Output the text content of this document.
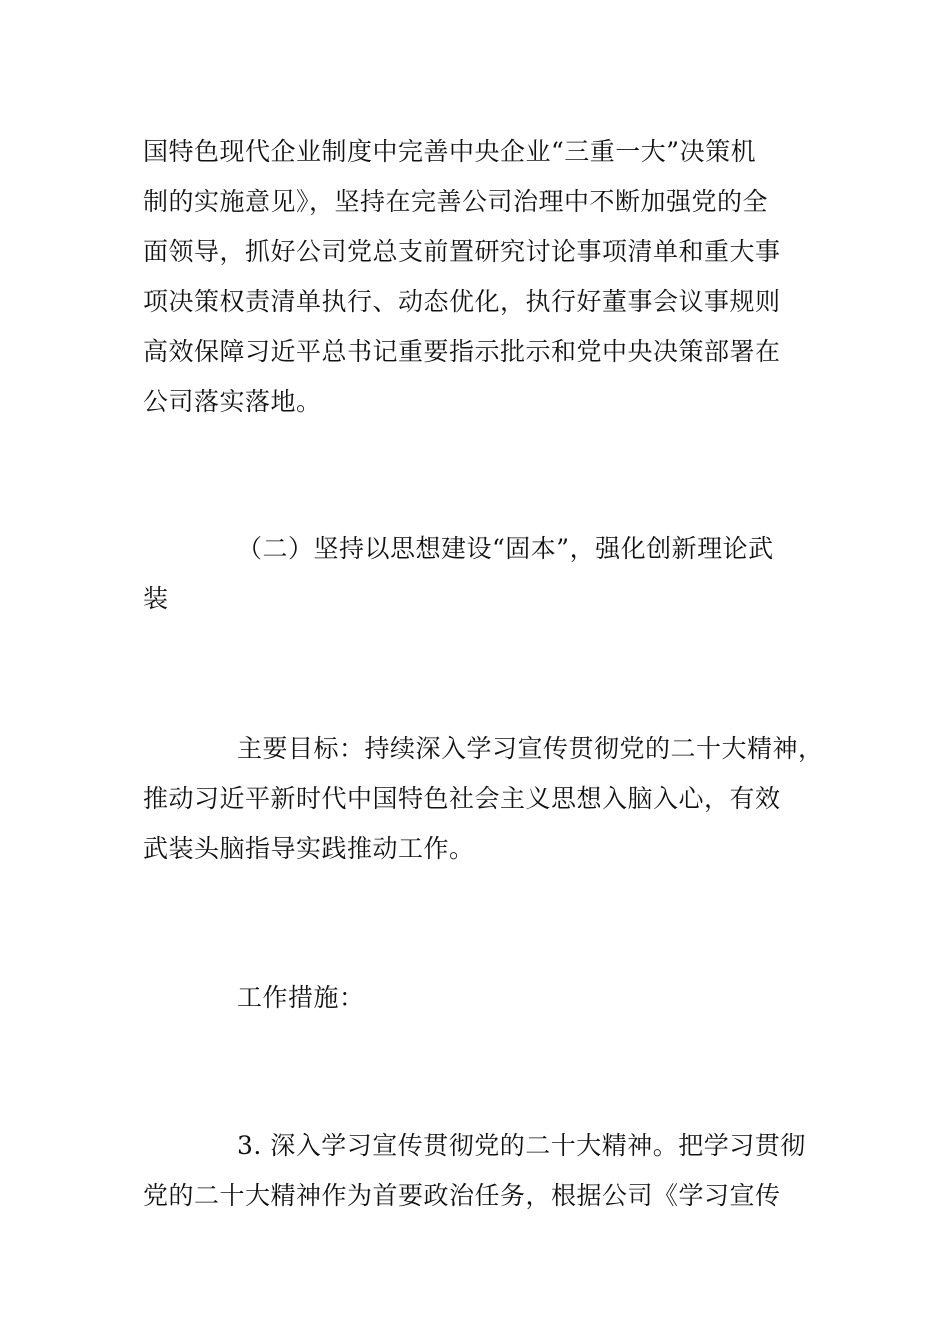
国特色现代企业制度中完善中央企业“三重一大”决策机
制的实施意见》，坚持在完善公司治理中不断加强党的全
面领导，抓好公司党总支前置研究讨论事项清单和重大事
项决策权责清单执行、动态优化，执行好董事会议事规则
高效保障习近平总书记重要指示批示和党中央决策部署在
公司落实落地。
（二）坚持以思想建设“固本”，强化创新理论武
装
主要目标：持续深入学习宣传贯彻党的二十大精神，
推动习近平新时代中国特色社会主义思想入脑入心，有效
武装头脑指导实践推动工作。
工作措施：
3. 深入学习宣传贯彻党的二十大精神。把学习贯彻
党的二十大精神作为首要政治任务，根据公司《学习宣传
